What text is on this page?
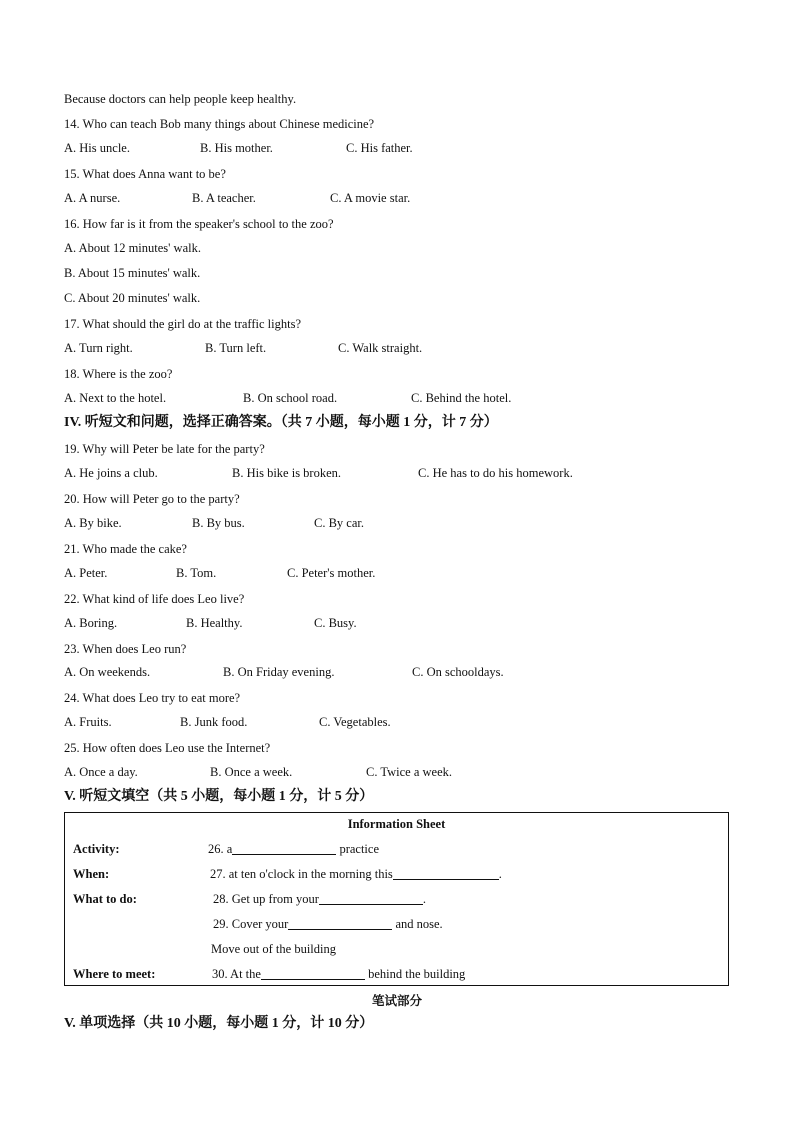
Because doctors can help people keep healthy.
14. Who can teach Bob many things about Chinese medicine?
A. His uncle.	B. His mother.	C. His father.
15. What does Anna want to be?
A. A nurse.	B. A teacher.	C. A movie star.
16. How far is it from the speaker's school to the zoo?
A. About 12 minutes' walk.
B. About 15 minutes' walk.
C. About 20 minutes' walk.
17. What should the girl do at the traffic lights?
A. Turn right.	B. Turn left.	C. Walk straight.
18. Where is the zoo?
A. Next to the hotel.	B. On school road.	C. Behind the hotel.
IV. 听短文和问题，选择正确答案。（共 7 小题，每小题 1 分，计 7 分）
19. Why will Peter be late for the party?
A. He joins a club.	B. His bike is broken.	C. He has to do his homework.
20. How will Peter go to the party?
A. By bike.	B. By bus.	C. By car.
21. Who made the cake?
A. Peter.	B. Tom.	C. Peter's mother.
22. What kind of life does Leo live?
A. Boring.	B. Healthy.	C. Busy.
23. When does Leo run?
A. On weekends.	B. On Friday evening.	C. On schooldays.
24. What does Leo try to eat more?
A. Fruits.	B. Junk food.	C. Vegetables.
25. How often does Leo use the Internet?
A. Once a day.	B. Once a week.	C. Twice a week.
V. 听短文填空（共 5 小题，每小题 1 分，计 5 分）
Information Sheet
Activity:	26. a	practice
When:	27. at ten o'clock in the morning this	.
What to do:	28. Get up from your	.
29. Cover your	and nose.
Move out of the building
Where to meet:	30. At the	behind the building
笔试部分
V. 单项选择（共 10 小题，每小题 1 分，计 10 分）
